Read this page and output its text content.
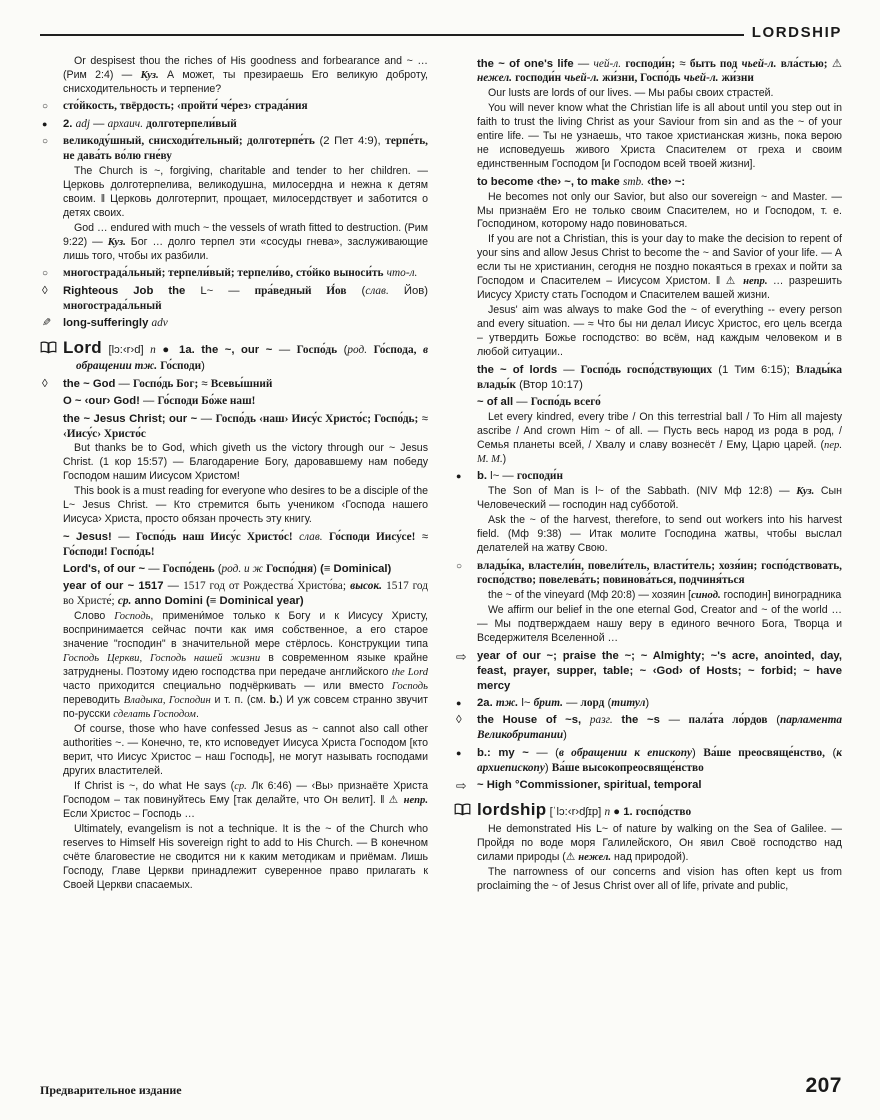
LORDSHIP
Or despisest thou the riches of His goodness and forbearance and ~ … (Рим 2:4) — Куз. А может, ты презираешь Его великую доброту, снисходительность и терпение?
○ сто́йкость, твёрдость; ‹пройти́ че́рез› страда́ния
● 2. adj — архаич. долготерпели́вый
○ великоду́шный, снисходи́тельный; долготерпе́ть (2 Пет 4:9), терпе́ть, не дава́ть во́лю гне́ву
The Church is ~, forgiving, charitable and tender to her children. — Церковь долготерпелива, великодушна, милосердна и нежна к детям своим. ‖ Церковь долготерпит, прощает, милосердствует и заботится о детях своих.
God … endured with much ~ the vessels of wrath fitted to destruction. (Рим 9:22) — Куз. Бог … долго терпел эти «сосуды гнева», заслуживающие лишь того, чтобы их разбили.
○ многострада́льный; терпели́вый; терпели́во, сто́йко выноси́ть что-л.
◊ Righteous Job the L~ — пра́ведный И́ов (слав. Йов) многострада́льный
✎ long-sufferingly adv
Lord [lɔ:‹r›d] n ● 1a. the ~, our ~ — Госпо́дь (род. Го́спода, в обращении тж. Го́споди)
◊ the ~ God — Госпо́дь Бог; ≈ Всевы́шний
O ~ ‹our› God! — Го́споди Бо́же наш!
the ~ Jesus Christ; our ~ — Госпо́дь ‹наш› Иису́с Христо́с; Госпо́дь; ≈ ‹Иису́с› Христо́с
But thanks be to God, which giveth us the victory through our ~ Jesus Christ. (1 кор 15:57) — Благодарение Богу, даровавшему нам победу Господом нашим Иисусом Христом!
This book is a must reading for everyone who desires to be a disciple of the L~ Jesus Christ. — Кто стремится быть учеником ‹Господа нашего Иисуса› Христа, просто обязан прочесть эту книгу.
~ Jesus! — Госпо́дь наш Иису́с Христо́с! слав. Го́споди Иису́се! ≈ Го́споди! Госпо́дь!
Lord's, of our ~ — Госпо́день (род. и ж Госпо́дня) (≡ Dominical)
year of our ~ 1517 — 1517 год от Рождества́ Христо́ва; высок. 1517 год во Христе́; ср. anno Domini (≡ Dominical year)
Слово Господь, примени́мое только к Богу и к Иисусу Христу, воспринимается сейчас почти как имя собственное, а его старое значение "господин" в значительной мере стёрлось. Конструкции типа Господь Церкви, Господь нашей жизни в современном языке крайне затруднены. Поэтому идею господства при передаче английского the Lord часто приходится специально подчёркивать — или вместо Господь переводить Владыка, Господин и т. п. (см. b.) И уж совсем странно звучит по-русски сделать Господом.
Of course, those who have confessed Jesus as ~ cannot also call other authorities ~. — Конечно, те, кто исповедует Иисуса Христа Господом [кто верит, что Иисус Христос – наш Господь], не могут называть господами других властителей.
If Christ is ~, do what He says (ср. Лк 6:46) — ‹Вы› признаёте Христа Господом – так повинуйтесь Ему [так делайте, что Он велит]. ‖ ⚠ непр. Если Христос – Господь …
Ultimately, evangelism is not a technique. It is the ~ of the Church who reserves to Himself His sovereign right to add to His Church. — В конечном счёте благовестие не сводится ни к каким методикам и приёмам. Лишь Господу, Главе Церкви принадлежит суверенное право прилагать к Своей Церкви спасаемых.
the ~ of one's life — чей-л. господи́н; ≈ быть под чьей-л. вла́стью; ⚠ нежел. господи́н чьей-л. жи́зни, Госпо́дь чьей-л. жи́зни
Our lusts are lords of our lives. — Мы рабы своих страстей.
You will never know what the Christian life is all about until you step out in faith to trust the living Christ as your Saviour from sin and as the ~ of your entire life. — Ты не узнаешь, что такое христианская жизнь, пока верою не исповедуешь живого Христа Спасителем от греха и своим единственным Господом [и Господом всей твоей жизни].
to become ‹the› ~, to make smb. ‹the› ~:
He becomes not only our Savior, but also our sovereign ~ and Master. — Мы признаём Его не только своим Спасителем, но и Господом, т. е. Господином, которому надо повиноваться.
If you are not a Christian, this is your day to make the decision to repent of your sins and allow Jesus Christ to become the ~ and Savior of your life. — А если ты не христианин, сегодня не поздно покаяться в грехах и пойти за Господом и Спасителем – Иисусом Христом. ‖ ⚠ непр. … разрешить Иисусу Христу стать Господом и Спасителем вашей жизни.
Jesus' aim was always to make God the ~ of everything -- every person and every situation. — ≈ Что бы ни делал Иисус Христос, его цель всегда – утвердить Божье господство: во всём, над каждым человеком и в любой ситуации..
the ~ of lords — Госпо́дь госпо́дствующих (1 Тим 6:15); Влады́ка влады́к (Втор 10:17)
~ of all — Госпо́дь всего́
Let every kindred, every tribe / On this terrestrial ball / To Him all majesty ascribe / And crown Him ~ of all. — Пусть весь народ из рода в род, / Семья планеты всей, / Хвалу и славу вознесёт / Ему, Царю царей. (пер. М. М.)
● b. l~ — господи́н
The Son of Man is l~ of the Sabbath. (NIV Мф 12:8) — Куз. Сын Человеческий — господин над субботой.
Ask the ~ of the harvest, therefore, to send out workers into his harvest field. (Мф 9:38) — Итак молите Господина жатвы, чтобы выслал делателей на жатву Свою.
○ влады́ка, властели́н, повели́тель, власти́тель; хозя́ин; госпо́дствовать, госпо́дство; повелева́ть; повинова́ться, подчиня́ться
the ~ of the vineyard (Мф 20:8) — хозяин [синод. господин] виноградника
We affirm our belief in the one eternal God, Creator and ~ of the world … — Мы подтверждаем нашу веру в единого вечного Бога, Творца и Вседержителя Вселенной …
⇨ year of our ~; praise the ~; ~ Almighty; ~'s acre, anointed, day, feast, prayer, supper, table; ~ ‹God› of Hosts; ~ forbid; ~ have mercy
● 2a. тж. l~ брит. — лорд (титул)
◊ the House of ~s, разг. the ~s — пала́та ло́рдов (парламента Великобритании)
● b.: my ~ — (в обращении к епископу) Ва́ше преосвяще́нство, (к архиепископу) Ва́ше высокопреосвяще́нство
⇨ ~ High °Commissioner, spiritual, temporal
lordship [ˈlɔ:‹r›dʃɪp] n ● 1. госпо́дство
He demonstrated His L~ of nature by walking on the Sea of Galilee. — Пройдя по воде моря Галилейского, Он явил Своё господство над силами природы (⚠ нежел. над природой).
The narrowness of our concerns and vision has often kept us from proclaiming the ~ of Jesus Christ over all of life, private and public,
Предварительное издание	207
